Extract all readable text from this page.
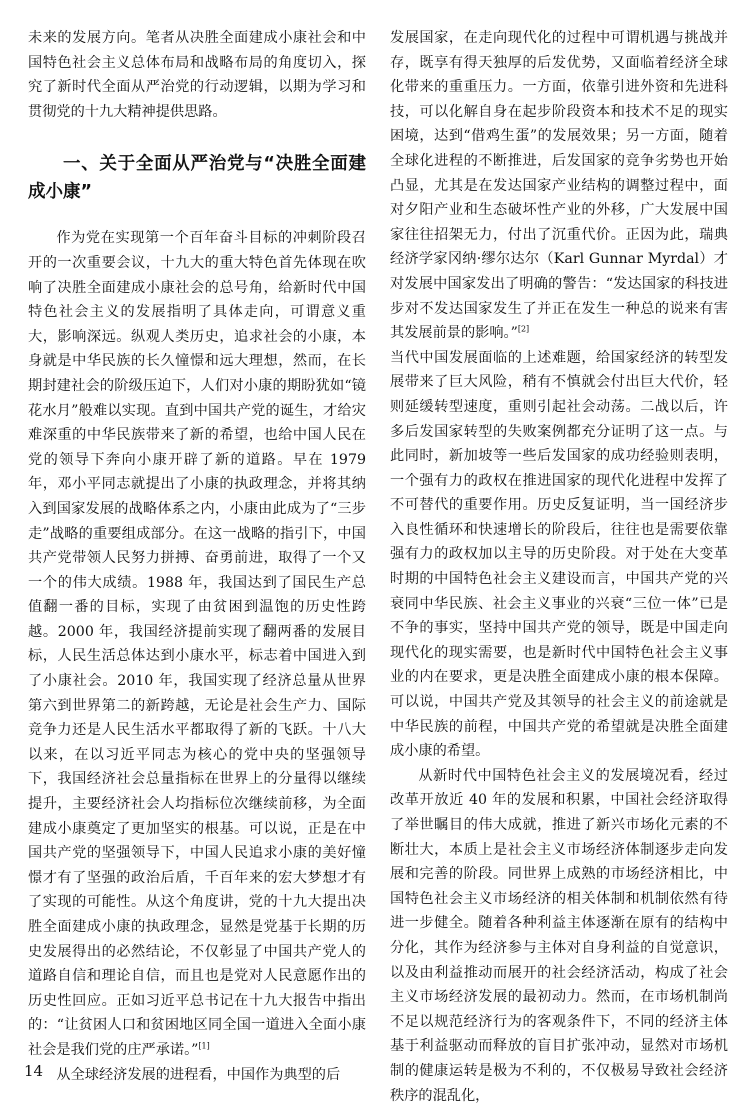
未来的发展方向。笔者从决胜全面建成小康社会和中国特色社会主义总体布局和战略布局的角度切入，探究了新时代全面从严治党的行动逻辑，以期为学习和贯彻党的十九大精神提供思路。

一、关于全面从严治党与“决胜全面建成小康”

作为党在实现第一个百年奋斗目标的冲刺阶段召开的一次重要会议，十九大的重大特色首先体现在吹响了决胜全面建成小康社会的总号角，给新时代中国特色社会主义的发展指明了具体走向，可谓意义重大，影响深远。纵观人类历史，追求社会的小康，本身就是中华民族的长久憧憬和远大理想，然而，在长期封建社会的阶级压迫下，人们对小康的期盼犹如“镜花水月”般难以实现。直到中国共产党的诞生，才给灾难深重的中华民族带来了新的希望，也给中国人民在党的领导下奔向小康开辟了新的道路。早在 1979 年，邓小平同志就提出了小康的执政理念，并将其纳入到国家发展的战略体系之内，小康由此成为了“三步走”战略的重要组成部分。在这一战略的指引下，中国共产党带领人民努力拼搏、奋勇前进，取得了一个又一个的伟大成绩。1988 年，我国达到了国民生产总值翻一番的目标，实现了由贫困到温饱的历史性跨越。2000 年，我国经济提前实现了翻两番的发展目标，人民生活总体达到小康水平，标志着中国进入到了小康社会。2010 年，我国实现了经济总量从世界第六到世界第二的新跨越，无论是社会生产力、国际竞争力还是人民生活水平都取得了新的飞跃。十八大以来，在以习近平同志为核心的党中央的坚强领导下，我国经济社会总量指标在世界上的分量得以继续提升，主要经济社会人均指标位次继续前移，为全面建成小康奠定了更加坚实的根基。可以说，正是在中国共产党的坚强领导下，中国人民追求小康的美好憧憬才有了坚强的政治后盾，千百年来的宏大梦想才有了实现的可能性。从这个角度讲，党的十九大提出决胜全面建成小康的执政理念，显然是党基于长期的历史发展得出的必然结论，不仅彰显了中国共产党人的道路自信和理论自信，而且也是党对人民意愿作出的历史性回应。正如习近平总书记在十九大报告中指出的：“让贫困人口和贫困地区同全国一道进入全面小康社会是我们党的庄严承诺。”[1]

从全球经济发展的进程看，中国作为典型的后

发展国家，在走向现代化的过程中可谓机遇与挑战并存，既享有得天独厚的后发优势，又面临着经济全球化带来的重重压力。一方面，依靠引进外资和先进科技，可以化解自身在起步阶段资本和技术不足的现实困境，达到“借鸡生蛋”的发展效果；另一方面，随着全球化进程的不断推进，后发国家的竞争劣势也开始凸显，尤其是在发达国家产业结构的调整过程中，面对夕阳产业和生态破坏性产业的外移，广大发展中国家往往招架无力，付出了沉重代价。正因为此，瑞典经济学家冈纳·缪尔达尔（Karl Gunnar Myrdal）才对发展中国家发出了明确的警告：“发达国家的科技进步对不发达国家发生了并正在发生一种总的说来有害其发展前景的影响。”[2]

当代中国发展面临的上述难题，给国家经济的转型发展带来了巨大风险，稍有不慎就会付出巨大代价，轻则延缓转型速度，重则引起社会动荡。二战以后，许多后发国家转型的失败案例都充分证明了这一点。与此同时，新加坡等一些后发国家的成功经验则表明，一个强有力的政权在推进国家的现代化进程中发挥了不可替代的重要作用。历史反复证明，当一国经济步入良性循环和快速增长的阶段后，往往也是需要依靠强有力的政权加以主导的历史阶段。对于处在大变革时期的中国特色社会主义建设而言，中国共产党的兴衰同中华民族、社会主义事业的兴衰“三位一体”已是不争的事实，坚持中国共产党的领导，既是中国走向现代化的现实需要，也是新时代中国特色社会主义事业的内在要求，更是决胜全面建成小康的根本保障。可以说，中国共产党及其领导的社会主义的前途就是中华民族的前程，中国共产党的希望就是决胜全面建成小康的希望。

从新时代中国特色社会主义的发展境况看，经过改革开放近 40 年的发展和积累，中国社会经济取得了举世瞩目的伟大成就，推进了新兴市场化元素的不断壮大，本质上是社会主义市场经济体制逐步走向发展和完善的阶段。同世界上成熟的市场经济相比，中国特色社会主义市场经济的相关体制和机制依然有待进一步健全。随着各种利益主体逐渐在原有的结构中分化，其作为经济参与主体对自身利益的自觉意识，以及由利益推动而展开的社会经济活动，构成了社会主义市场经济发展的最初动力。然而，在市场机制尚不足以规范经济行为的客观条件下，不同的经济主体基于利益驱动而释放的盲目扩张冲动，显然对市场机制的健康运转是极为不利的，不仅极易导致社会经济秩序的混乱化，

14
